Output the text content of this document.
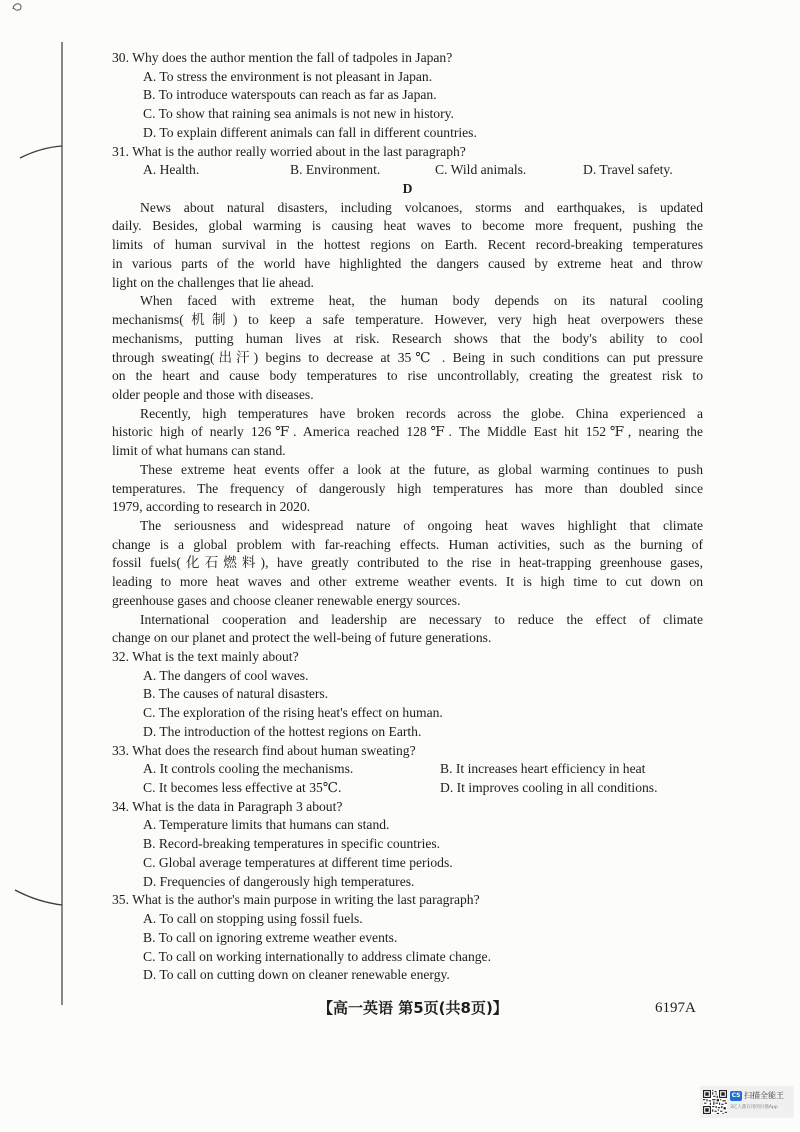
30. Why does the author mention the fall of tadpoles in Japan?
A. To stress the environment is not pleasant in Japan.
B. To introduce waterspouts can reach as far as Japan.
C. To show that raining sea animals is not new in history.
D. To explain different animals can fall in different countries.
31. What is the author really worried about in the last paragraph?
A. Health.	B. Environment.	C. Wild animals.	D. Travel safety.
D
News about natural disasters, including volcanoes, storms and earthquakes, is updated
daily. Besides, global warming is causing heat waves to become more frequent, pushing the
limits of human survival in the hottest regions on Earth. Recent record-breaking temperatures
in various parts of the world have highlighted the dangers caused by extreme heat and throw
light on the challenges that lie ahead.
When faced with extreme heat, the human body depends on its natural cooling
mechanisms(机制) to keep a safe temperature. However, very high heat overpowers these
mechanisms, putting human lives at risk. Research shows that the body's ability to cool
through sweating(出汗) begins to decrease at 35℃ . Being in such conditions can put pressure
on the heart and cause body temperatures to rise uncontrollably, creating the greatest risk to
older people and those with diseases.
Recently, high temperatures have broken records across the globe. China experienced a
historic high of nearly 126℉. America reached 128℉. The Middle East hit 152℉, nearing the
limit of what humans can stand.
These extreme heat events offer a look at the future, as global warming continues to push
temperatures. The frequency of dangerously high temperatures has more than doubled since
1979, according to research in 2020.
The seriousness and widespread nature of ongoing heat waves highlight that climate
change is a global problem with far-reaching effects. Human activities, such as the burning of
fossil fuels(化石燃料), have greatly contributed to the rise in heat-trapping greenhouse gases,
leading to more heat waves and other extreme weather events. It is high time to cut down on
greenhouse gases and choose cleaner renewable energy sources.
International cooperation and leadership are necessary to reduce the effect of climate
change on our planet and protect the well-being of future generations.
32. What is the text mainly about?
A. The dangers of cool waves.
B. The causes of natural disasters.
C. The exploration of the rising heat's effect on human.
D. The introduction of the hottest regions on Earth.
33. What does the research find about human sweating?
A. It controls cooling the mechanisms.	B. It increases heart efficiency in heat
C. It becomes less effective at 35℃.	D. It improves cooling in all conditions.
34. What is the data in Paragraph 3 about?
A. Temperature limits that humans can stand.
B. Record-breaking temperatures in specific countries.
C. Global average temperatures at different time periods.
D. Frequencies of dangerously high temperatures.
35. What is the author's main purpose in writing the last paragraph?
A. To call on stopping using fossil fuels.
B. To call on ignoring extreme weather events.
C. To call on working internationally to address climate change.
D. To call on cutting down on cleaner renewable energy.
【高一英语 第5页(共8页)】	6197A
CS 扫描全能王
3亿人都在用的扫描App
